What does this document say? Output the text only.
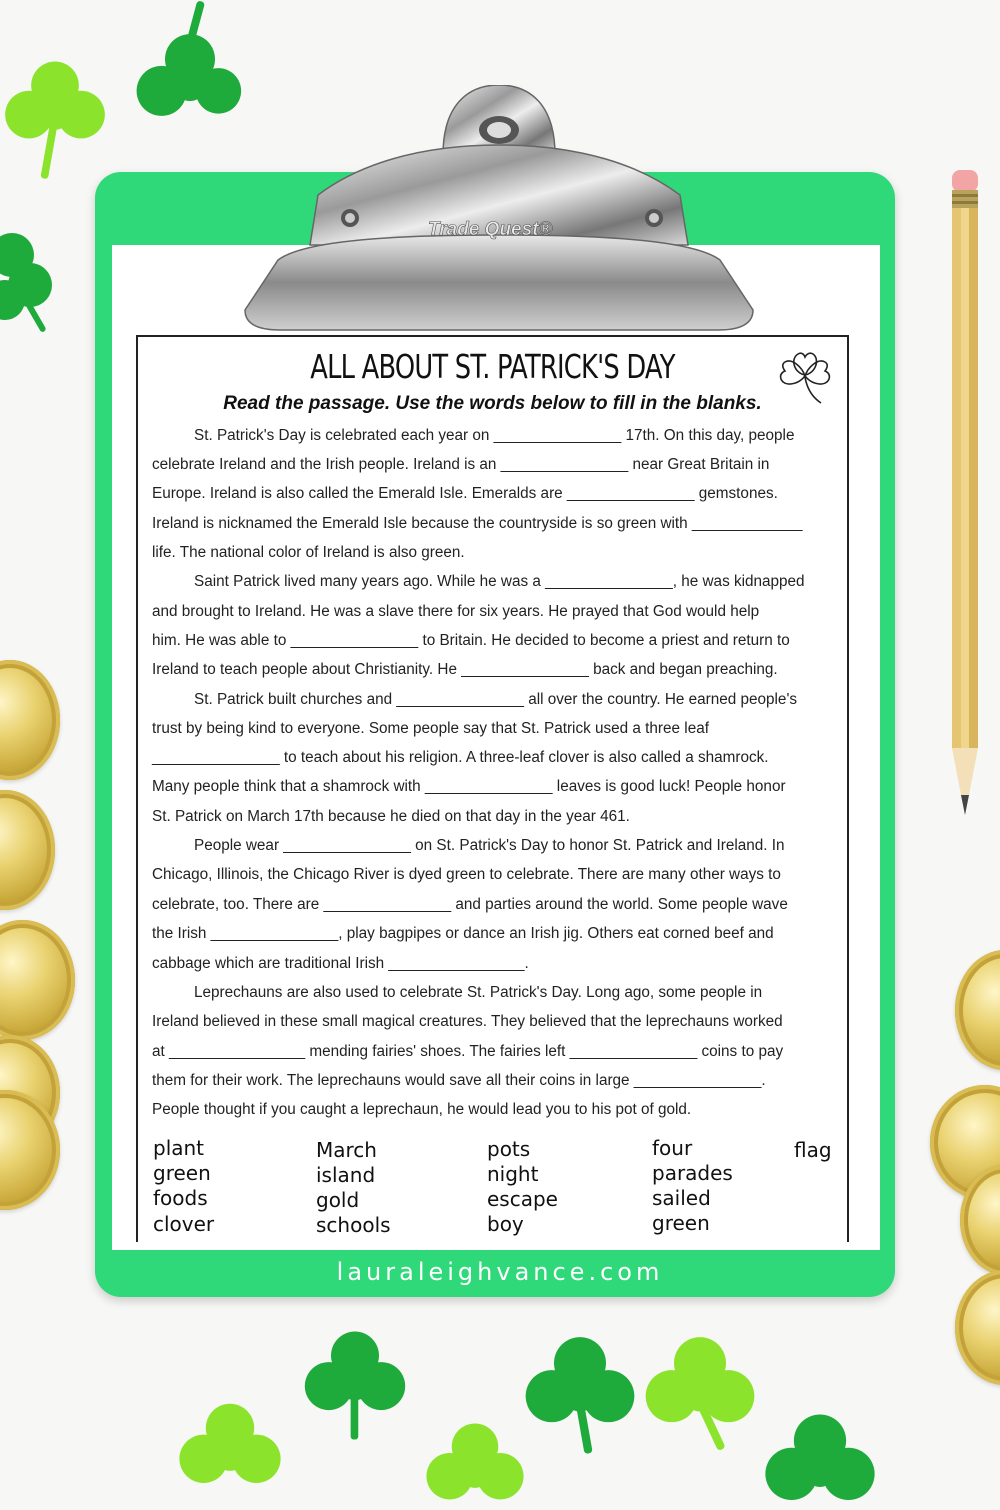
ALL ABOUT ST. PATRICK'S DAY
Read the passage. Use the words below to fill in the blanks.
St. Patrick's Day is celebrated each year on _______________ 17th. On this day, people
celebrate Ireland and the Irish people. Ireland is an _______________ near Great Britain in
Europe. Ireland is also called the Emerald Isle. Emeralds are _______________ gemstones.
Ireland is nicknamed the Emerald Isle because the countryside is so green with _____________
life. The national color of Ireland is also green.
Saint Patrick lived many years ago. While he was a _______________, he was kidnapped
and brought to Ireland. He was a slave there for six years. He prayed that God would help
him. He was able to _______________ to Britain. He decided to become a priest and return to
Ireland to teach people about Christianity. He _______________ back and began preaching.
St. Patrick built churches and _______________ all over the country. He earned people's
trust by being kind to everyone. Some people say that St. Patrick used a three leaf
_______________ to teach about his religion. A three-leaf clover is also called a shamrock.
Many people think that a shamrock with _______________ leaves is good luck! People honor
St. Patrick on March 17th because he died on that day in the year 461.
People wear _______________ on St. Patrick's Day to honor St. Patrick and Ireland. In
Chicago, Illinois, the Chicago River is dyed green to celebrate. There are many other ways to
celebrate, too. There are _______________ and parties around the world. Some people wave
the Irish _______________, play bagpipes or dance an Irish jig. Others eat corned beef and
cabbage which are traditional Irish ________________.
Leprechauns are also used to celebrate St. Patrick's Day. Long ago, some people in
Ireland believed in these small magical creatures. They believed that the leprechauns worked
at ________________ mending fairies' shoes. The fairies left _______________ coins to pay
them for their work. The leprechauns would save all their coins in large _______________.
People thought if you caught a leprechaun, he would lead you to his pot of gold.
plant
green
foods
clover
March
island
gold
schools
pots
night
escape
boy
four
parades
sailed
green
flag
Trade Quest®
lauraleighvance.com
